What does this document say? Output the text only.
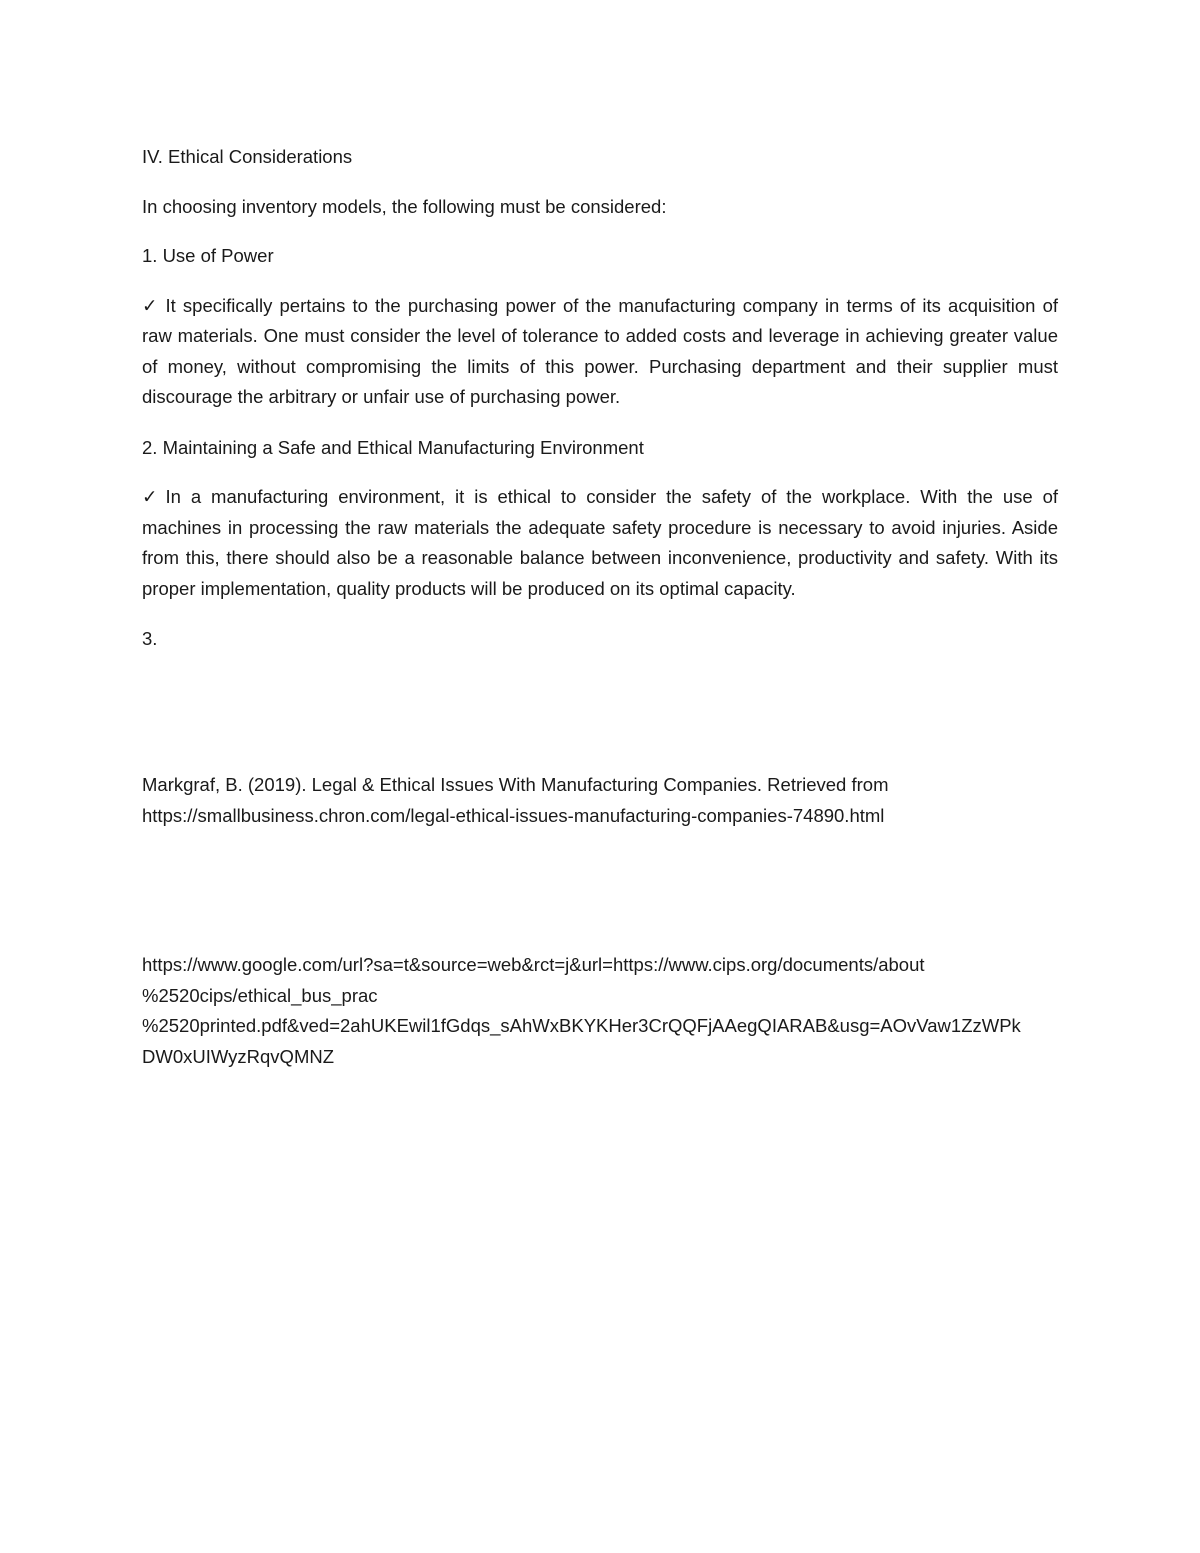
IV. Ethical Considerations

In choosing inventory models, the following must be considered:

1. Use of Power

✓ It specifically pertains to the purchasing power of the manufacturing company in terms of its acquisition of raw materials. One must consider the level of tolerance to added costs and leverage in achieving greater value of money, without compromising the limits of this power. Purchasing department and their supplier must discourage the arbitrary or unfair use of purchasing power.

2. Maintaining a Safe and Ethical Manufacturing Environment

✓ In a manufacturing environment, it is ethical to consider the safety of the workplace. With the use of machines in processing the raw materials the adequate safety procedure is necessary to avoid injuries. Aside from this, there should also be a reasonable balance between inconvenience, productivity and safety. With its proper implementation, quality products will be produced on its optimal capacity.

3.

Markgraf, B. (2019). Legal & Ethical Issues With Manufacturing Companies. Retrieved from

https://smallbusiness.chron.com/legal-ethical-issues-manufacturing-companies-74890.html

https://www.google.com/url?sa=t&source=web&rct=j&url=https://www.cips.org/documents/about
%2520cips/ethical_bus_prac
%2520printed.pdf&ved=2ahUKEwil1fGdqs_sAhWxBKYKHer3CrQQFjAAegQIARAB&usg=AOvVaw1ZzWPk
DW0xUIWyzRqvQMNZ
